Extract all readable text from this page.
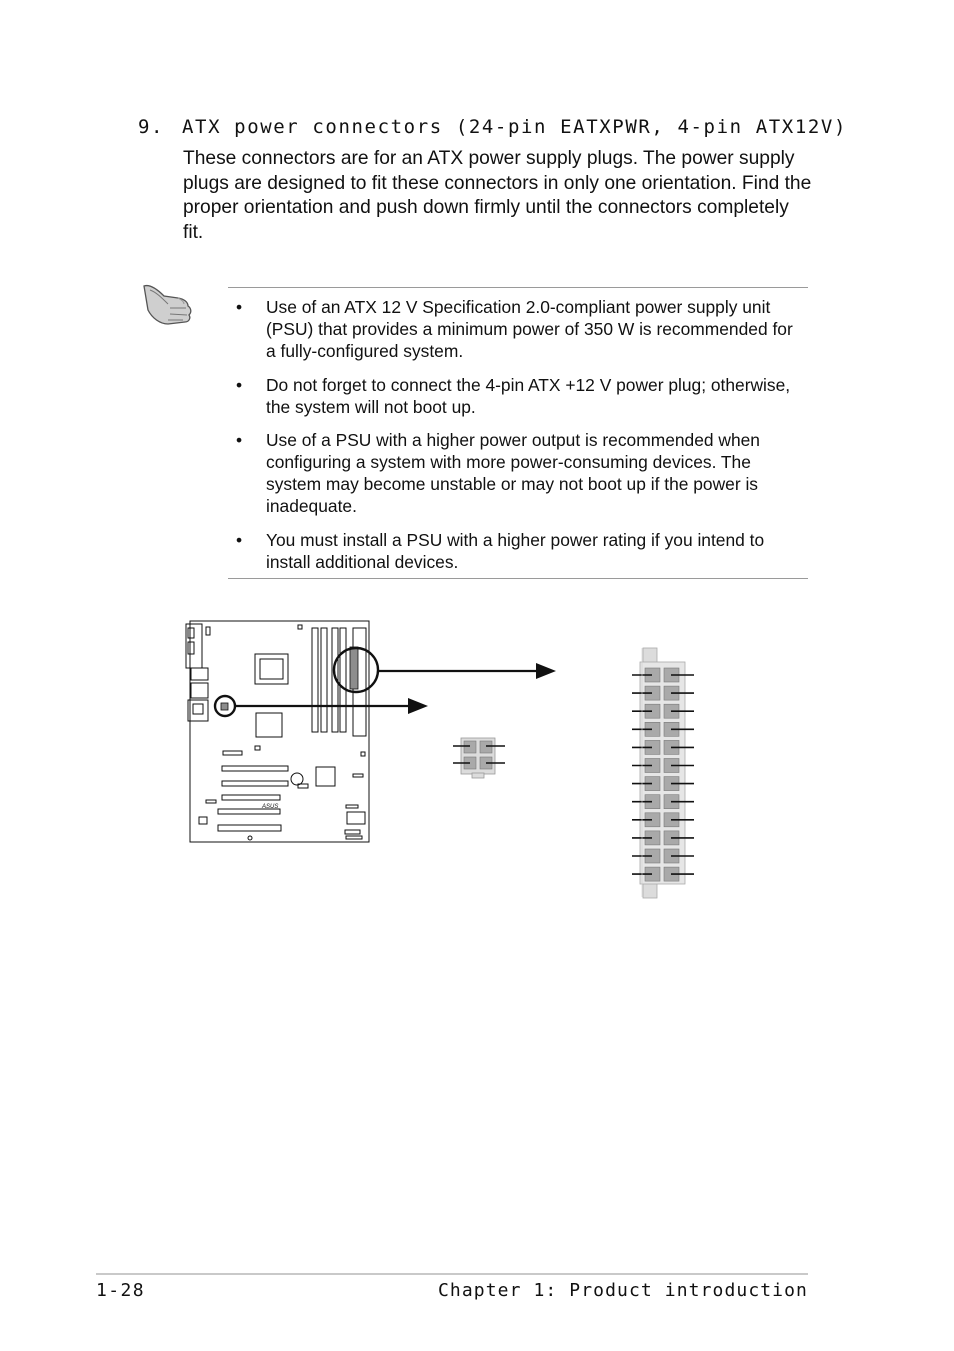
9. ATX power connectors (24-pin EATXPWR, 4-pin ATX12V)

These connectors are for an ATX power supply plugs. The power supply plugs are designed to fit these connectors in only one orientation. Find the proper orientation and push down firmly until the connectors completely fit.

• Use of an ATX 12 V Specification 2.0-compliant power supply unit (PSU) that provides a minimum power of 350 W is recommended for a fully-configured system.
• Do not forget to connect the 4-pin ATX +12 V power plug; otherwise, the system will not boot up.
• Use of a PSU with a higher power output is recommended when configuring a system with more power-consuming devices. The system may become unstable or may not boot up if the power is inadequate.
• You must install a PSU with a higher power rating if you intend to install additional devices.
ASUS
1-28	Chapter 1: Product introduction
